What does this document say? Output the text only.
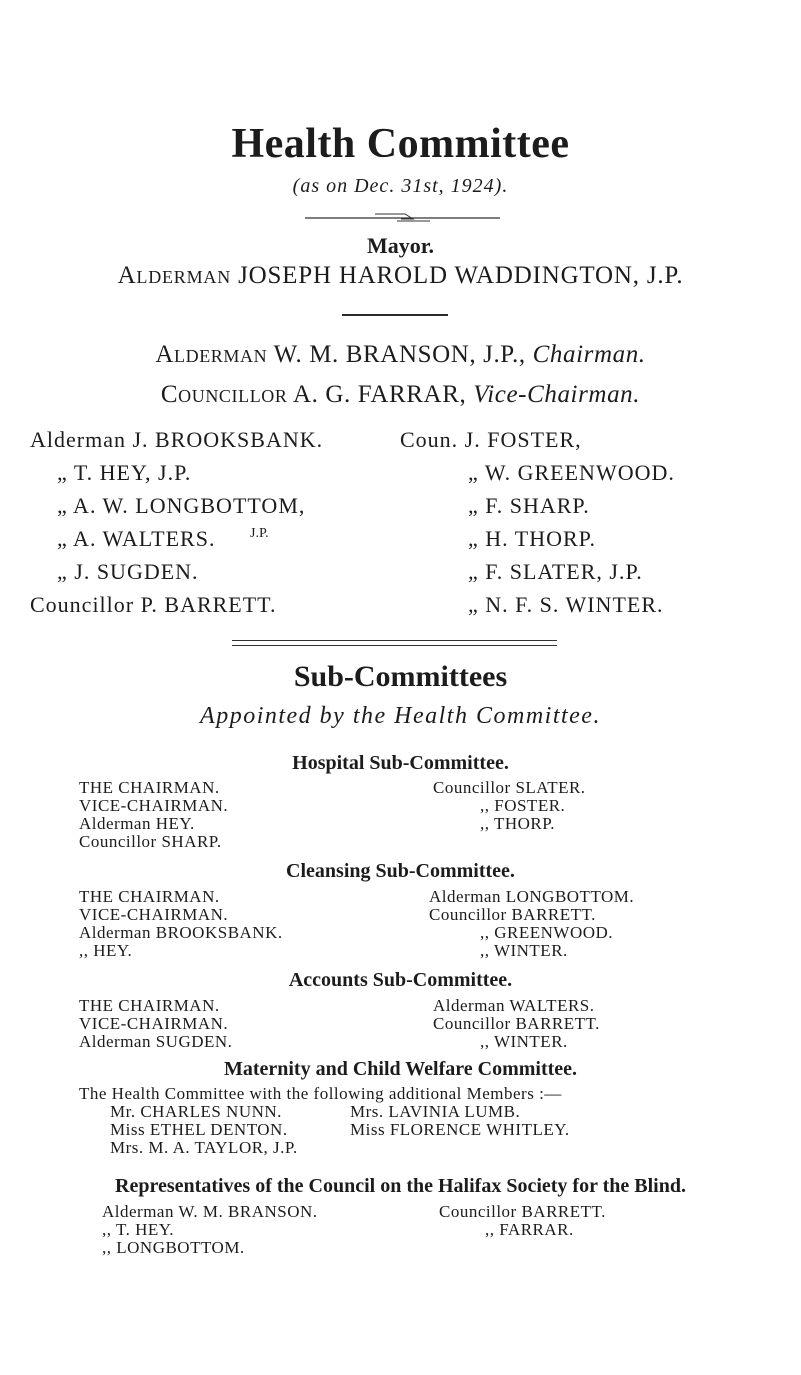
Health Committee
(as on Dec. 31st, 1924).
Mayor.
Alderman JOSEPH HAROLD WADDINGTON, J.P.
Alderman W. M. BRANSON, J.P., Chairman.
Councillor A. G. FARRAR, Vice-Chairman.
Alderman J. BROOKSBANK.
„ T. HEY, J.P.
„ A. W. LONGBOTTOM,
„ A. WALTERS. J.P.
„ J. SUGDEN.
Councillor P. BARRETT.
Coun. J. FOSTER,
„ W. GREENWOOD.
„ F. SHARP.
„ H. THORP.
„ F. SLATER, J.P.
„ N. F. S. WINTER.
Sub-Committees
Appointed by the Health Committee.
Hospital Sub-Committee.
THE CHAIRMAN.
VICE-CHAIRMAN.
Alderman HEY.
Councillor SHARP.
Councillor SLATER.
,, FOSTER.
,, THORP.
Cleansing Sub-Committee.
THE CHAIRMAN.
VICE-CHAIRMAN.
Alderman BROOKSBANK.
,, HEY.
Alderman LONGBOTTOM.
Councillor BARRETT.
,, GREENWOOD.
,, WINTER.
Accounts Sub-Committee.
THE CHAIRMAN.
VICE-CHAIRMAN.
Alderman SUGDEN.
Alderman WALTERS.
Councillor BARRETT.
,, WINTER.
Maternity and Child Welfare Committee.
The Health Committee with the following additional Members :—
Mr. CHARLES NUNN.	Mrs. LAVINIA LUMB.
Miss ETHEL DENTON.	Miss FLORENCE WHITLEY.
Mrs. M. A. TAYLOR, J.P.
Representatives of the Council on the Halifax Society for the Blind.
Alderman W. M. BRANSON.
,, T. HEY.
,, LONGBOTTOM.
Councillor BARRETT.
,, FARRAR.
